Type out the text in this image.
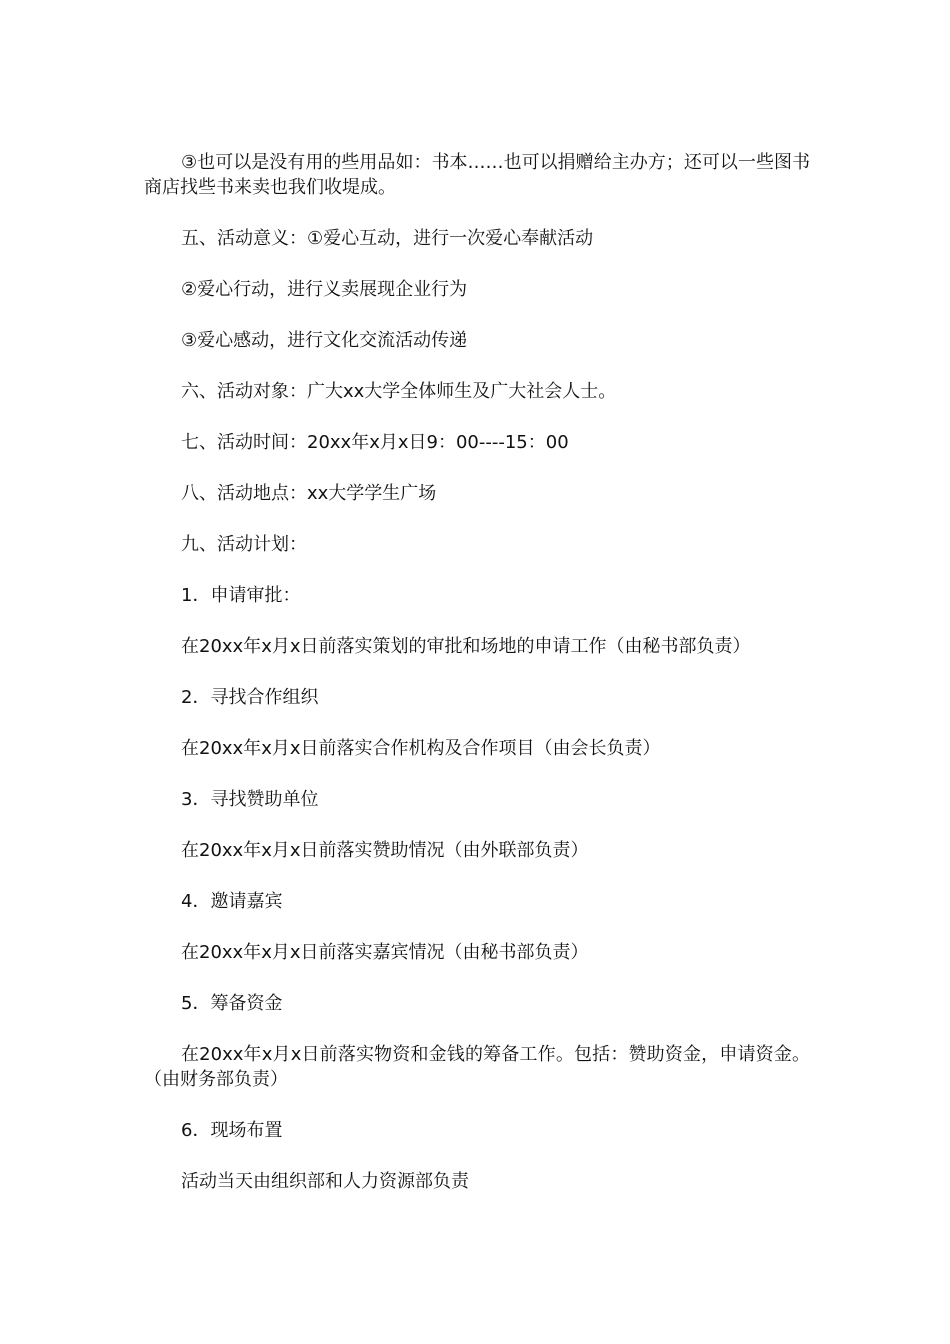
③也可以是没有用的些用品如：书本……也可以捐赠给主办方；还可以一些图书商店找些书来卖也我们收堤成。

五、活动意义：①爱心互动，进行一次爱心奉献活动

②爱心行动，进行义卖展现企业行为

③爱心感动，进行文化交流活动传递

六、活动对象：广大xx大学全体师生及广大社会人士。

七、活动时间：20xx年x月x日9：00----15：00

八、活动地点：xx大学学生广场

九、活动计划：

1．申请审批：

在20xx年x月x日前落实策划的审批和场地的申请工作（由秘书部负责）

2．寻找合作组织

在20xx年x月x日前落实合作机构及合作项目（由会长负责）

3．寻找赞助单位

在20xx年x月x日前落实赞助情况（由外联部负责）

4．邀请嘉宾

在20xx年x月x日前落实嘉宾情况（由秘书部负责）

5．筹备资金

在20xx年x月x日前落实物资和金钱的筹备工作。包括：赞助资金，申请资金。（由财务部负责）

6．现场布置

活动当天由组织部和人力资源部负责
